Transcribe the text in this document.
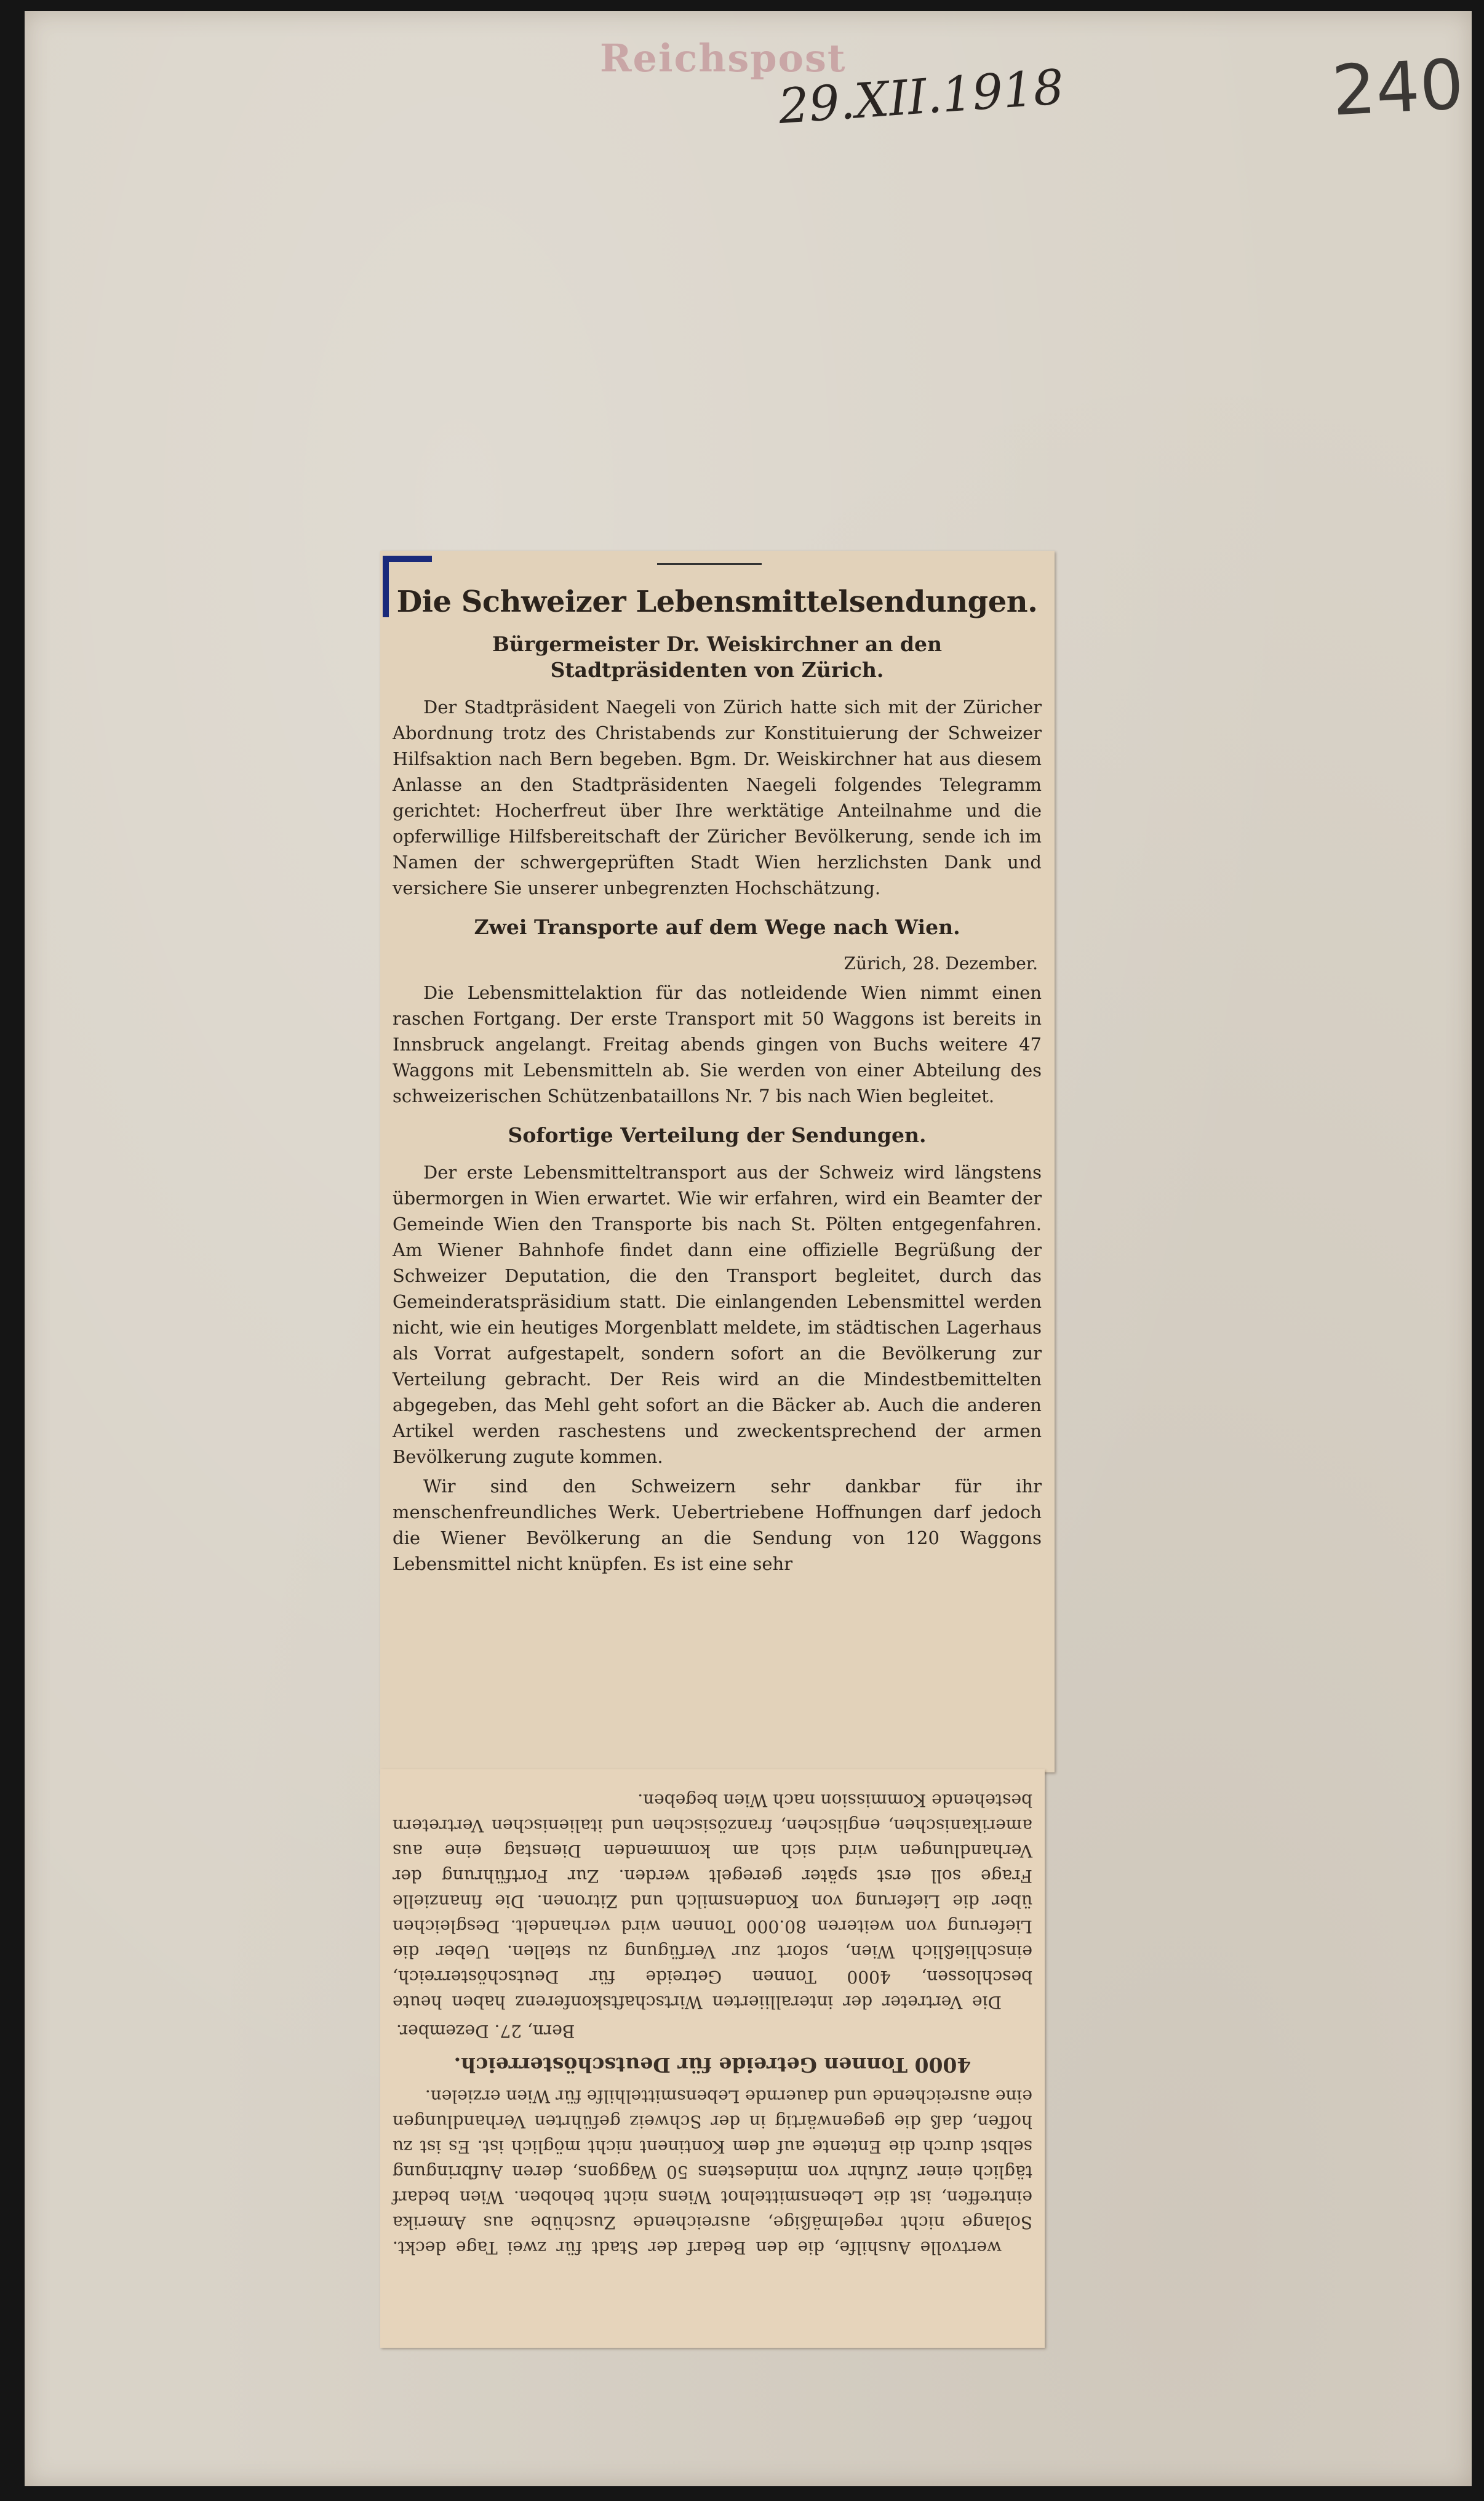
Reichspost
29.XII.1918	240
Die Schweizer Lebensmittelsendungen.
Bürgermeister Dr. Weiskirchner an den Stadtpräsidenten von Zürich.

Der Stadtpräsident Naegeli von Zürich hatte sich mit der Züricher Abordnung trotz des Christabends zur Konstituierung der Schweizer Hilfsaktion nach Bern begeben. Bgm. Dr. Weiskirchner hat aus diesem Anlasse an den Stadtpräsidenten Naegeli folgendes Telegramm gerichtet: Hocherfreut über Ihre werktätige Anteilnahme und die opferwillige Hilfsbereitschaft der Züricher Bevölkerung, sende ich im Namen der schwergeprüften Stadt Wien herzlichsten Dank und versichere Sie unserer unbegrenzten Hochschätzung.

Zwei Transporte auf dem Wege nach Wien.
Zürich, 28. Dezember.

Die Lebensmittelaktion für das notleidende Wien nimmt einen raschen Fortgang. Der erste Transport mit 50 Waggons ist bereits in Innsbruck angelangt. Freitag abends gingen von Buchs weitere 47 Waggons mit Lebensmitteln ab. Sie werden von einer Abteilung des schweizerischen Schützenbataillons Nr. 7 bis nach Wien begleitet.

Sofortige Verteilung der Sendungen.

Der erste Lebensmitteltransport aus der Schweiz wird längstens übermorgen in Wien erwartet. Wie wir erfahren, wird ein Beamter der Gemeinde Wien den Transporte bis nach St. Pölten entgegenfahren. Am Wiener Bahnhofe findet dann eine offizielle Begrüßung der Schweizer Deputation, die den Transport begleitet, durch das Gemeinderatspräsidium statt. Die einlangenden Lebensmittel werden nicht, wie ein heutiges Morgenblatt meldete, im städtischen Lagerhaus als Vorrat aufgestapelt, sondern sofort an die Bevölkerung zur Verteilung gebracht. Der Reis wird an die Mindestbemittelten abgegeben, das Mehl geht sofort an die Bäcker ab. Auch die anderen Artikel werden raschestens und zweckentsprechend der armen Bevölkerung zugute kommen.

Wir sind den Schweizern sehr dankbar für ihr menschenfreundliches Werk. Uebertriebene Hoffnungen darf jedoch die Wiener Bevölkerung an die Sendung von 120 Waggons Lebensmittel nicht knüpfen. Es ist eine sehr

wertvolle Aushilfe, die den Bedarf der Stadt für zwei Tage deckt. Solange nicht regelmäßige, ausreichende Zuschübe aus Amerika eintreffen, ist die Lebensmittelnot Wiens nicht behoben. Wien bedarf täglich einer Zufuhr von mindestens 50 Waggons, deren Aufbringung selbst durch die Entente auf dem Kontinent nicht möglich ist. Es ist zu hoffen, daß die gegenwärtig in der Schweiz geführten Verhandlungen eine ausreichende und dauernde Lebensmittelhilfe für Wien erzielen.

4000 Tonnen Getreide für Deutschösterreich.
Bern, 27. Dezember.

Die Vertreter der interalliierten Wirtschaftskonferenz haben heute beschlossen, 4000 Tonnen Getreide für Deutschösterreich, einschließlich Wien, sofort zur Verfügung zu stellen. Ueber die Lieferung von weiteren 80.000 Tonnen wird verhandelt. Desgleichen über die Lieferung von Kondensmilch und Zitronen. Die finanzielle Frage soll erst später geregelt werden. Zur Fortführung der Verhandlungen wird sich am kommenden Dienstag eine aus amerikanischen, englischen, französischen und italienischen Vertretern bestehende Kommission nach Wien begeben.
